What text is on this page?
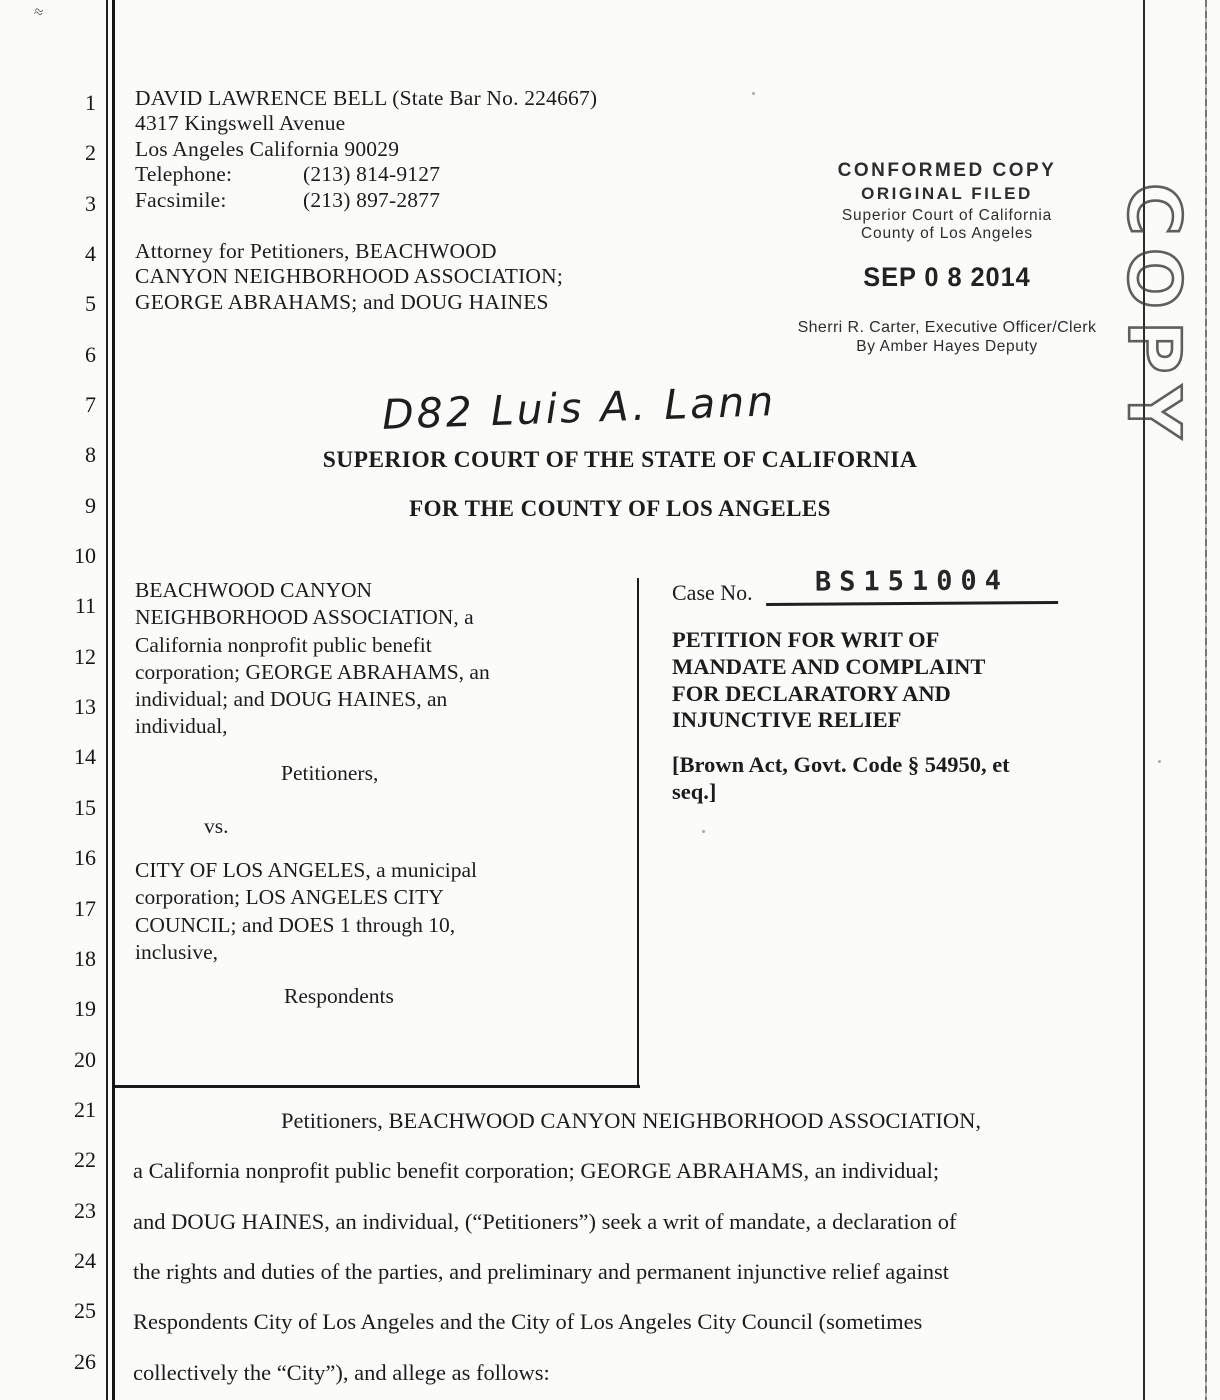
≈
1
2
3
4
5
6
7
8
9
10
11
12
13
14
15
16
17
18
19
20
21
22
23
24
25
26
DAVID LAWRENCE BELL (State Bar No. 224667)
4317 Kingswell Avenue
Los Angeles California 90029
Telephone:	(213) 814-9127
Facsimile:	(213) 897-2877
Attorney for Petitioners, BEACHWOOD
CANYON NEIGHBORHOOD ASSOCIATION;
GEORGE ABRAHAMS; and DOUG HAINES
CONFORMED COPY
ORIGINAL FILED
Superior Court of California
County of Los Angeles
SEP 0 8 2014
Sherri R. Carter, Executive Officer/Clerk
By Amber Hayes Deputy	COPY
D82 Luis A. Lann
SUPERIOR COURT OF THE STATE OF CALIFORNIA
FOR THE COUNTY OF LOS ANGELES
BEACHWOOD CANYON
NEIGHBORHOOD ASSOCIATION, a
California nonprofit public benefit
corporation; GEORGE ABRAHAMS, an
individual; and DOUG HAINES, an
individual,
Petitioners,
vs.
CITY OF LOS ANGELES, a municipal
corporation; LOS ANGELES CITY
COUNCIL; and DOES 1 through 10,
inclusive,
Respondents
Case No.	BS151004
PETITION FOR WRIT OF
MANDATE AND COMPLAINT
FOR DECLARATORY AND
INJUNCTIVE RELIEF
[Brown Act, Govt. Code § 54950, et
seq.]
Petitioners, BEACHWOOD CANYON NEIGHBORHOOD ASSOCIATION,
a California nonprofit public benefit corporation; GEORGE ABRAHAMS, an individual;
and DOUG HAINES, an individual, (“Petitioners”) seek a writ of mandate, a declaration of
the rights and duties of the parties, and preliminary and permanent injunctive relief against
Respondents City of Los Angeles and the City of Los Angeles City Council (sometimes
collectively the “City”), and allege as follows:
